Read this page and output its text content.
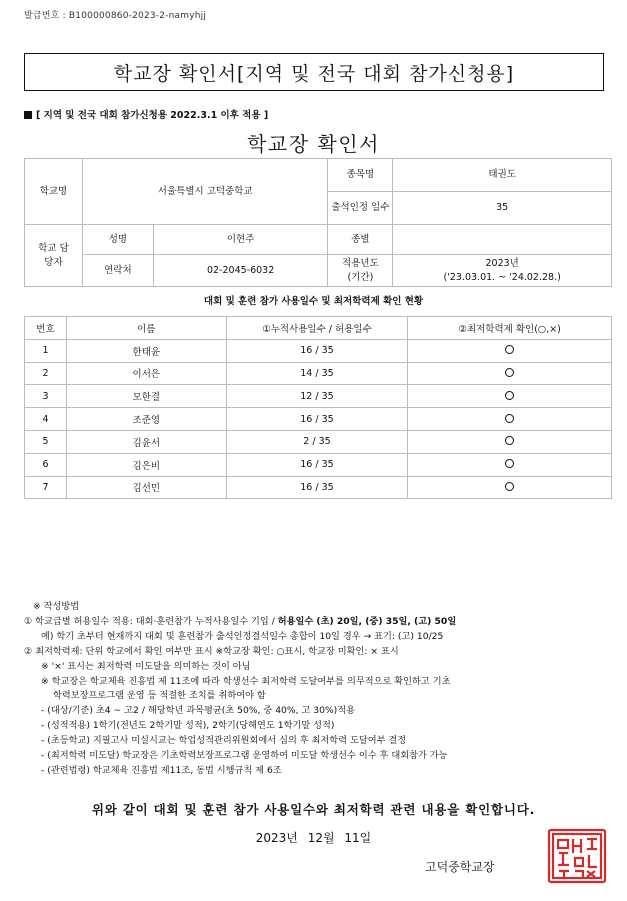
발급번호 : B100000860-2023-2-namyhjj
학교장 확인서[지역 및 전국 대회 참가신청용]
[ 지역 및 전국 대회 참가신청용 2022.3.1 이후 적용 ]
학교장 확인서
학교명	서울특별시 고덕중학교		종목명	태권도
			출석인정 일수	35
학교 담당자	성명	이현주	종별	
	연락처	02-2045-6032	적용년도 (기간)	2023년
('23.03.01. ~ '24.02.28.)
대회 및 훈련 참가 사용일수 및 최저학력제 확인 현황
번호	이름	①누적사용일수 / 허용일수	②최저학력제 확인(○,×)
1	한태윤	16 / 35	
2	이서은	14 / 35	
3	모한결	12 / 35	
4	조준영	16 / 35	
5	김윤서	2 / 35	
6	김은비	16 / 35	
7	김선민	16 / 35	
※ 작성방법
① 학교급별 허용일수 적용: 대회·훈련참가 누적사용일수 기입 / 허용일수 (초) 20일, (중) 35일, (고) 50일
예) 학기 초부터 현재까지 대회 및 훈련참가 출석인정결석일수 총합이 10일 경우 → 표기: (고) 10/25
② 최저학력제: 단위 학교에서 확인 여부만 표시 ※학교장 확인: ○표시, 학교장 미확인: × 표시
※ '×' 표시는 최저학력 미도달을 의미하는 것이 아님
※ 학교장은 학교체육 진흥법 제 11조에 따라 학생선수 최저학력 도달여부를 의무적으로 확인하고 기초
학력보장프로그램 운영 등 적절한 조치를 취하여야 함
- (대상/기준) 초4 ~ 고2 / 해당학년 과목평균(초 50%, 중 40%, 고 30%)적용
- (성적적용) 1학기(전년도 2학기말 성적), 2학기(당해연도 1학기말 성적)
- (초등학교) 지필고사 미실시교는 학업성적관리위원회에서 심의 후 최저학력 도달여부 결정
- (최저학력 미도달) 학교장은 기초학력보장프로그램 운영하여 미도달 학생선수 이수 후 대회참가 가능
- (관련법령) 학교체육 진흥법 제11조, 동법 시행규칙 제 6조
위와 같이 대회 및 훈련 참가 사용일수와 최저학력 관련 내용을 확인합니다.
2023년 12월 11일
고덕중학교장
